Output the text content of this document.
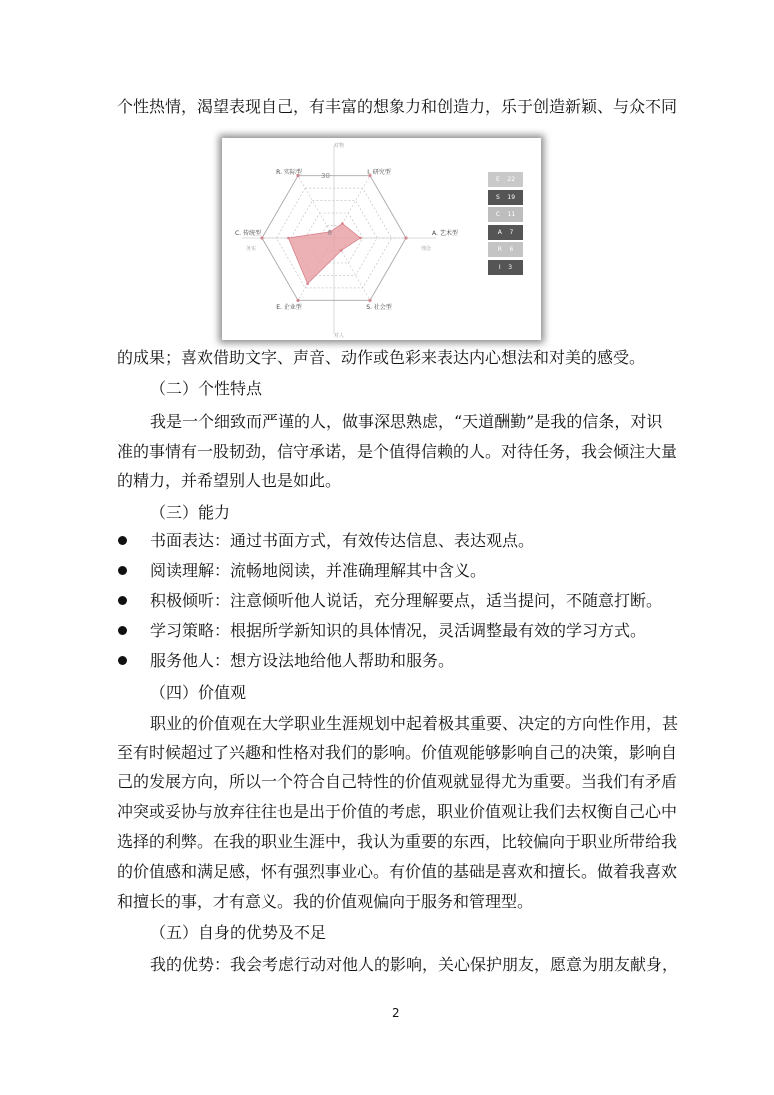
个性热情，渴望表现自己，有丰富的想象力和创造力，乐于创造新颖、与众不同
R. 实际型	I. 研究型
A. 艺术型
S. 社会型
E. 企业型
C. 传统型
30
0
对物
对人
务实	理念
E    22
S    19
C    11
A    7
R    6
I    3
的成果；喜欢借助文字、声音、动作或色彩来表达内心想法和对美的感受。
（二）个性特点
我是一个细致而严谨的人，做事深思熟虑，“天道酬勤”是我的信条，对识
准的事情有一股韧劲，信守承诺，是个值得信赖的人。对待任务，我会倾注大量
的精力，并希望别人也是如此。
（三）能力
书面表达：通过书面方式，有效传达信息、表达观点。
阅读理解：流畅地阅读，并准确理解其中含义。
积极倾听：注意倾听他人说话，充分理解要点，适当提问，不随意打断。
学习策略：根据所学新知识的具体情况，灵活调整最有效的学习方式。
服务他人：想方设法地给他人帮助和服务。
（四）价值观
职业的价值观在大学职业生涯规划中起着极其重要、决定的方向性作用，甚
至有时候超过了兴趣和性格对我们的影响。价值观能够影响自己的决策，影响自
己的发展方向，所以一个符合自己特性的价值观就显得尤为重要。当我们有矛盾
冲突或妥协与放弃往往也是出于价值的考虑，职业价值观让我们去权衡自己心中
选择的利弊。在我的职业生涯中，我认为重要的东西，比较偏向于职业所带给我
的价值感和满足感，怀有强烈事业心。有价值的基础是喜欢和擅长。做着我喜欢
和擅长的事，才有意义。我的价值观偏向于服务和管理型。
（五）自身的优势及不足
我的优势：我会考虑行动对他人的影响，关心保护朋友，愿意为朋友献身，
2
